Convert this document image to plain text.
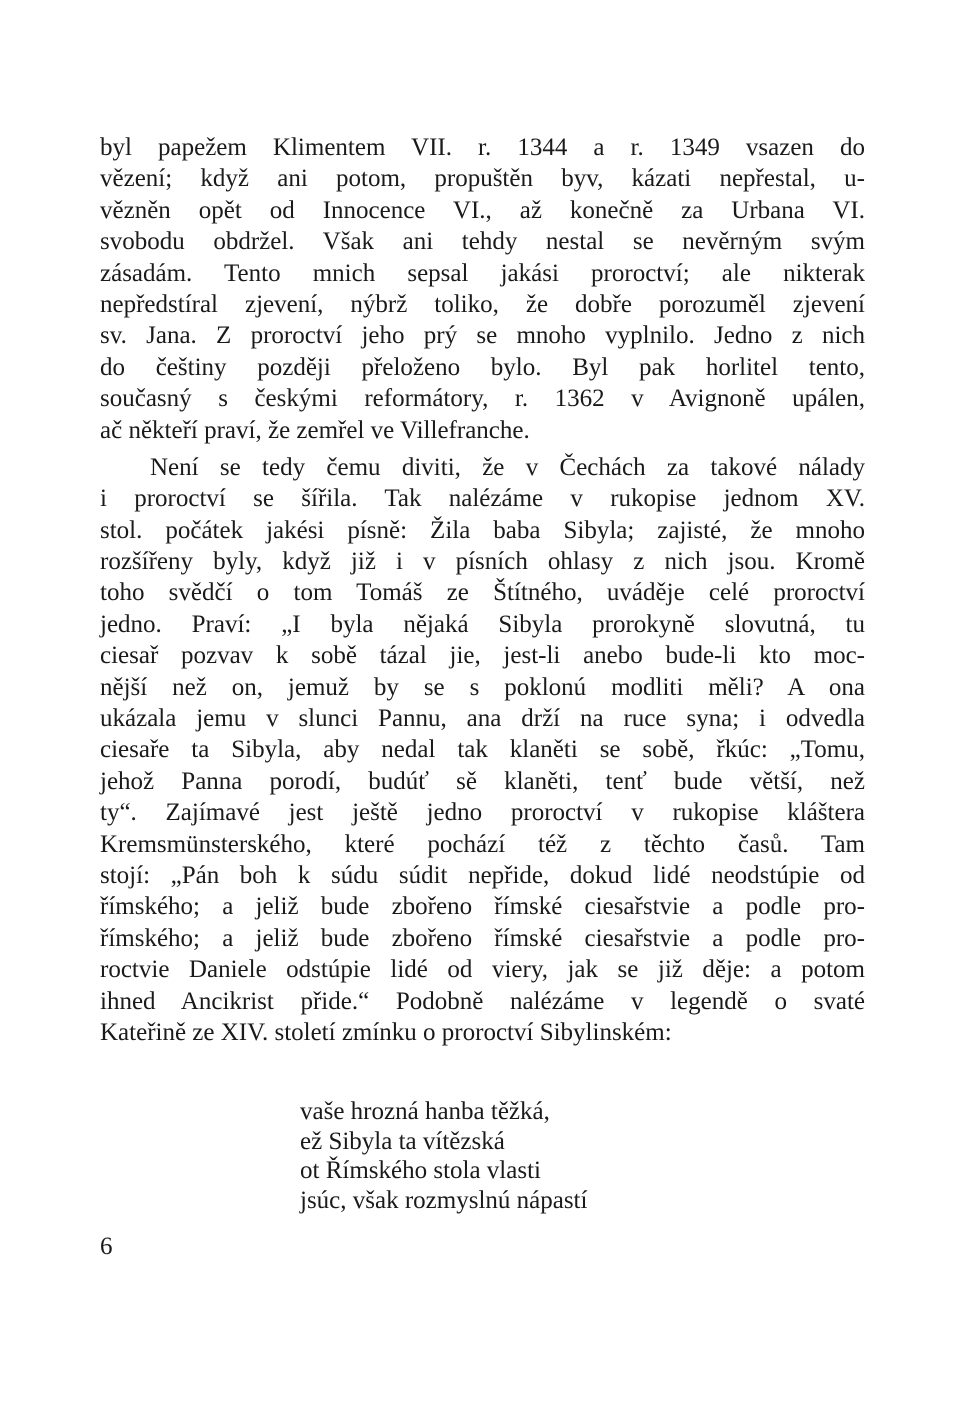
byl papežem Klimentem VII. r. 1344 a r. 1349 vsazen do
vězení; když ani potom, propuštěn byv, kázati nepřestal, u-
vězněn opět od Innocence VI., až konečně za Urbana VI.
svobodu obdržel. Však ani tehdy nestal se nevěrným svým
zásadám. Tento mnich sepsal jakási proroctví; ale nikterak
nepředstíral zjevení, nýbrž toliko, že dobře porozuměl zjevení
sv. Jana. Z proroctví jeho prý se mnoho vyplnilo. Jedno z nich
do češtiny později přeloženo bylo. Byl pak horlitel tento,
současný s českými reformátory, r. 1362 v Avignoně upálen,
ač někteří praví, že zemřel ve Villefranche.
Není se tedy čemu diviti, že v Čechách za takové nálady
i proroctví se šířila. Tak nalézáme v rukopise jednom XV.
stol. počátek jakési písně: Žila baba Sibyla; zajisté, že mnoho
rozšířeny byly, když již i v písních ohlasy z nich jsou. Kromě
toho svědčí o tom Tomáš ze Štítného, uváděje celé proroctví
jedno. Praví: „I byla nějaká Sibyla prorokyně slovutná, tu
ciesař pozvav k sobě tázal jie, jest-li anebo bude-li kto moc-
nější než on, jemuž by se s poklonú modliti měli? A ona
ukázala jemu v slunci Pannu, ana drží na ruce syna; i odvedla
ciesaře ta Sibyla, aby nedal tak klaněti se sobě, řkúc: „Tomu,
jehož Panna porodí, budúť sě klaněti, tenť bude větší, než
ty“. Zajímavé jest ještě jedno proroctví v rukopise kláštera
Kremsmünsterského, které pochází též z těchto časů. Tam
stojí: „Pán boh k súdu súdit nepřide, dokud lidé neodstúpie od
římského; a jeliž bude zbořeno římské ciesařstvie a podle pro-
římského; a jeliž bude zbořeno římské ciesařstvie a podle pro-
roctvie Daniele odstúpie lidé od viery, jak se již děje: a potom
ihned Ancikrist přide.“ Podobně nalézáme v legendě o svaté
Kateřině ze XIV. století zmínku o proroctví Sibylinském:
vaše hrozná hanba těžká,
ež Sibyla ta vítězská
ot Římského stola vlasti
jsúc, však rozmyslnú nápastí
6
